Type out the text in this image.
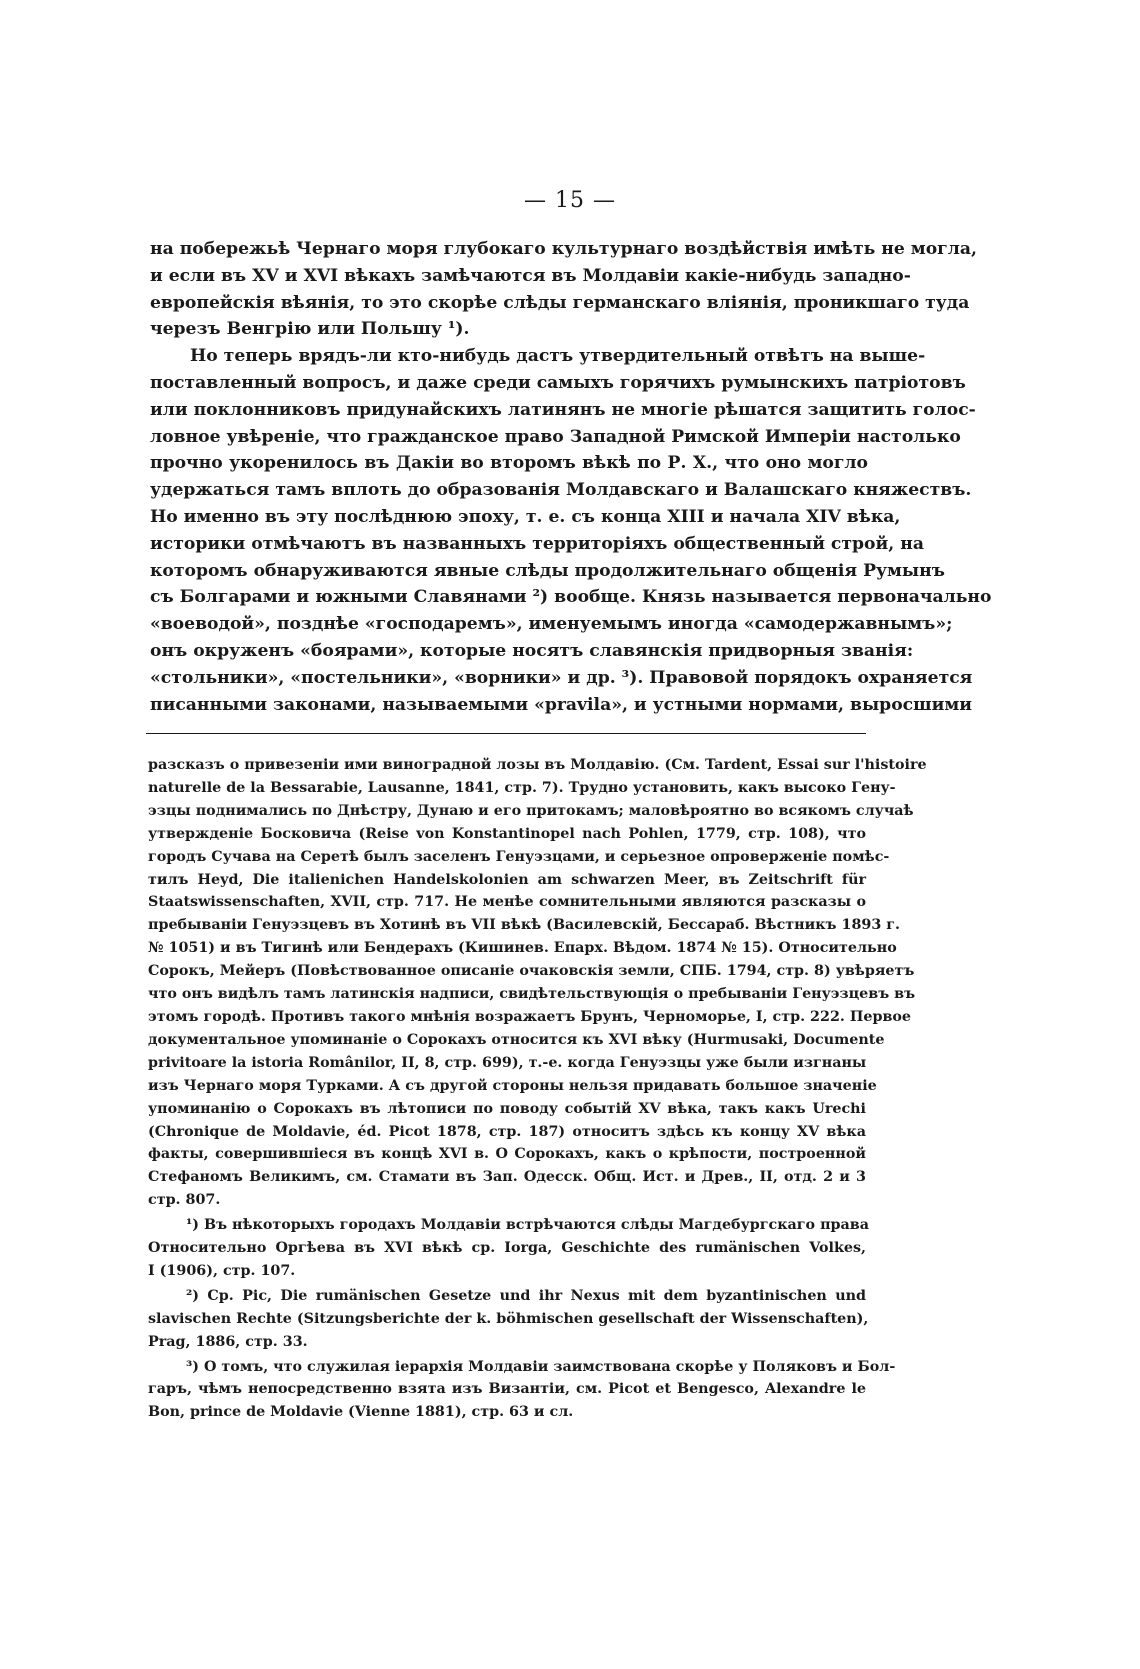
— 15 —
на побережьѣ Чернаго моря глубокаго культурнаго воздѣйствія имѣть не могла,
и если въ XV и XVI вѣкахъ замѣчаются въ Молдавіи какіе-нибудь западно-
европейскія вѣянія, то это скорѣе слѣды германскаго вліянія, проникшаго туда
черезъ Венгрію или Польшу ¹).
Но теперь врядъ-ли кто-нибудь дастъ утвердительный отвѣтъ на выше-
поставленный вопросъ, и даже среди самыхъ горячихъ румынскихъ патріотовъ
или поклонниковъ придунайскихъ латинянъ не многіе рѣшатся защитить голос-
ловное увѣреніе, что гражданское право Западной Римской Имперіи настолько
прочно укоренилось въ Дакіи во второмъ вѣкѣ по Р. Х., что оно могло
удержаться тамъ вплоть до образованія Молдавскаго и Валашскаго княжествъ.
Но именно въ эту послѣднюю эпоху, т. е. съ конца XIII и начала XIV вѣка,
историки отмѣчаютъ въ названныхъ территоріяхъ общественный строй, на
которомъ обнаруживаются явные слѣды продолжительнаго общенія Румынъ
съ Болгарами и южными Славянами ²) вообще. Князь называется первоначально
«воеводой», позднѣе «господаремъ», именуемымъ иногда «самодержавнымъ»;
онъ окруженъ «боярами», которые носятъ славянскія придворныя званія:
«стольники», «постельники», «ворники» и др. ³). Правовой порядокъ охраняется
писанными законами, называемыми «pravila», и устными нормами, выросшими
разсказъ о привезеніи ими виноградной лозы въ Молдавію. (См. Tardent, Essai sur l'histoire
naturelle de la Bessarabie, Lausanne, 1841, стр. 7). Трудно установить, какъ высоко Гену-
эзцы поднимались по Днѣстру, Дунаю и его притокамъ; маловѣроятно во всякомъ случаѣ
утвержденіе Босковича (Reise von Konstantinopel nach Pohlen, 1779, стр. 108), что
городъ Сучава на Серетѣ былъ заселенъ Генуэзцами, и серьезное опроверженіе помѣс-
тилъ Heyd, Die italienichen Handelskolonien am schwarzen Meer, въ Zeitschrift für
Staatswissenschaften, XVII, стр. 717. Не менѣе сомнительными являются разсказы о
пребываніи Генуэзцевъ въ Хотинѣ въ VII вѣкѣ (Василевскій, Бессараб. Вѣстникъ 1893 г.
№ 1051) и въ Тигинѣ или Бендерахъ (Кишинев. Епарх. Вѣдом. 1874 № 15). Относительно
Сорокъ, Мейеръ (Повѣствованное описаніе очаковскія земли, СПБ. 1794, стр. 8) увѣряетъ
что онъ видѣлъ тамъ латинскія надписи, свидѣтельствующія о пребываніи Генуэзцевъ въ
этомъ городѣ. Противъ такого мнѣнія возражаетъ Брунъ, Черноморье, I, стр. 222. Первое
документальное упоминаніе о Сорокахъ относится къ XVI вѣку (Hurmusaki, Documente
privitoare la istoria Românilor, II, 8, стр. 699), т.-е. когда Генуэзцы уже были изгнаны
изъ Чернаго моря Турками. А съ другой стороны нельзя придавать большое значеніе
упоминанію о Сорокахъ въ лѣтописи по поводу событій XV вѣка, такъ какъ Urechi
(Chronique de Moldavie, éd. Picot 1878, стр. 187) относитъ здѣсь къ концу XV вѣка
факты, совершившіеся въ концѣ XVI в. О Сорокахъ, какъ о крѣпости, построенной
Стефаномъ Великимъ, см. Стамати въ Зап. Одесск. Общ. Ист. и Древ., II, отд. 2 и 3
стр. 807.
¹) Въ нѣкоторыхъ городахъ Молдавіи встрѣчаются слѣды Магдебургскаго права
Относительно Оргѣева въ XVI вѣкѣ ср. Iorga, Geschichte des rumänischen Volkes,
I (1906), стр. 107.
²) Cp. Pic, Die rumänischen Gesetze und ihr Nexus mit dem byzantinischen und
slavischen Rechte (Sitzungsberichte der k. böhmischen gesellschaft der Wissenschaften),
Prag, 1886, стр. 33.
³) О томъ, что служилая іерархія Молдавіи заимствована скорѣе у Поляковъ и Бол-
гаръ, чѣмъ непосредственно взята изъ Византіи, см. Picot et Bengesco, Alexandre le
Bon, prince de Moldavie (Vienne 1881), стр. 63 и сл.
